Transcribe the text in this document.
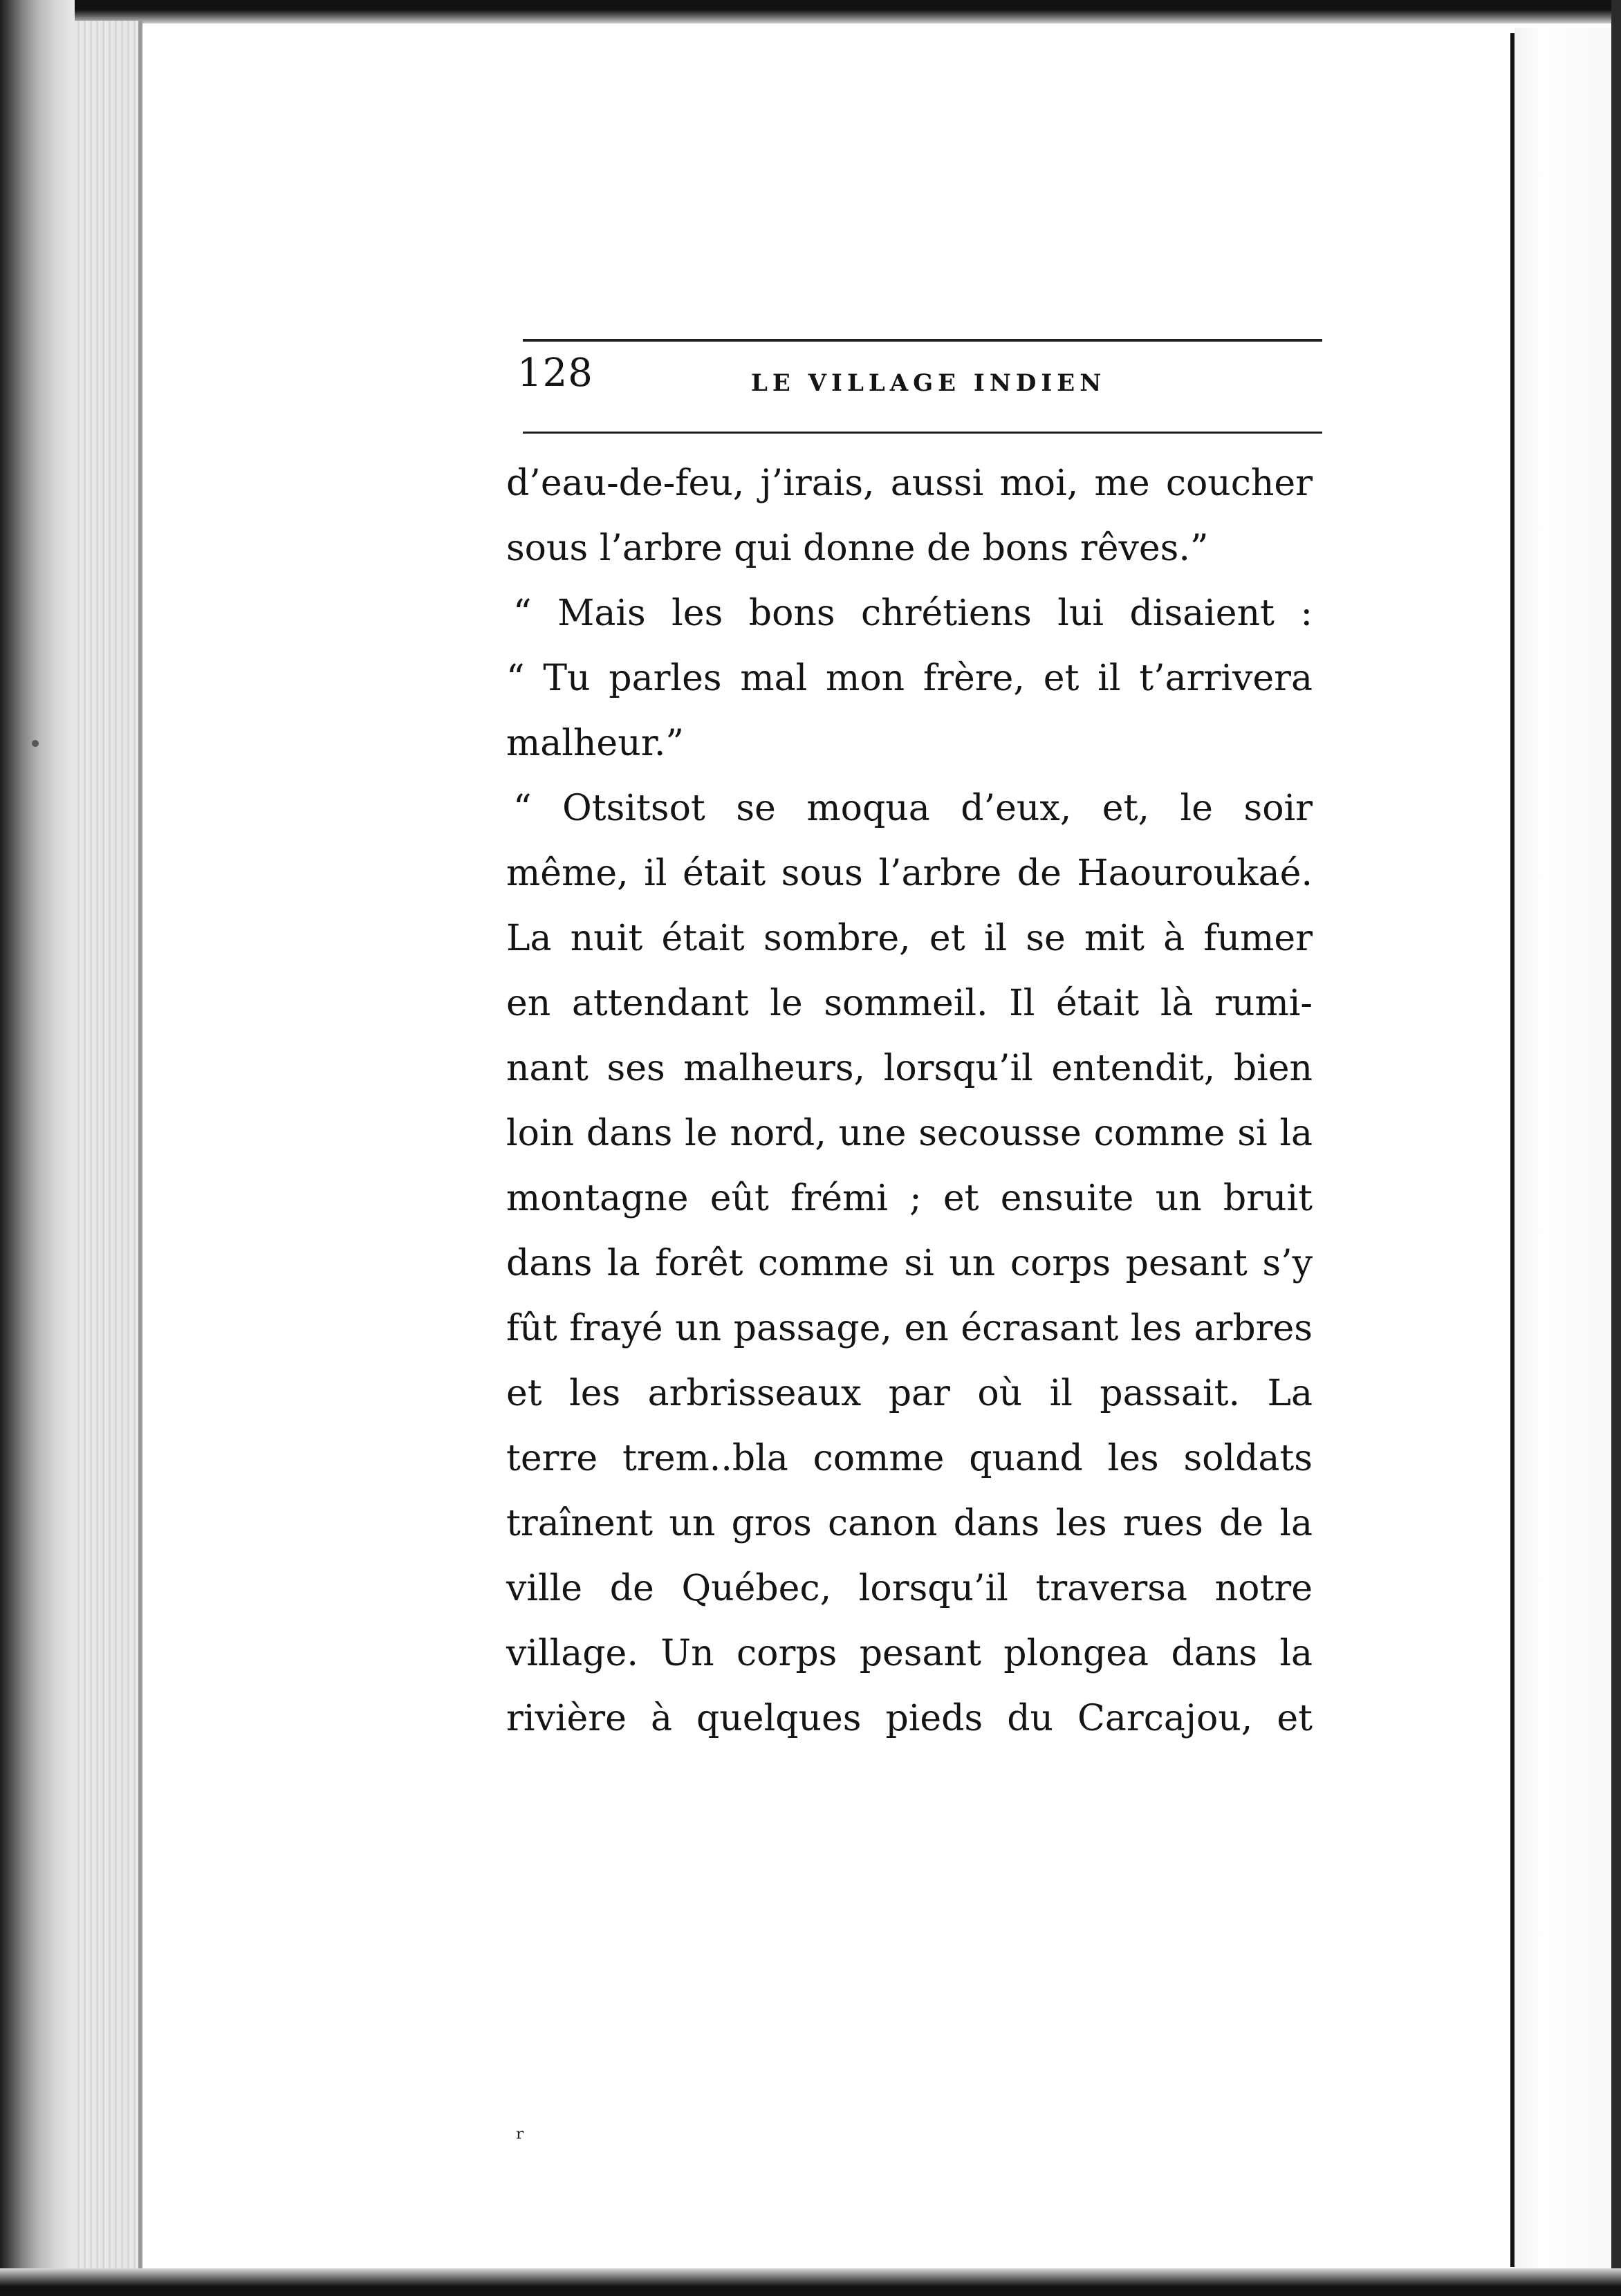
128	LE VILLAGE INDIEN
d’eau-de-feu, j’irais, aussi moi, me coucher
sous l’arbre qui donne de bons rêves.”
“ Mais les bons chrétiens lui disaient :
“ Tu parles mal mon frère, et il t’arrivera
malheur.”
“ Otsitsot se moqua d’eux, et, le soir
même, il était sous l’arbre de Haouroukaé.
La nuit était sombre, et il se mit à fumer
en attendant le sommeil. Il était là rumi-
nant ses malheurs, lorsqu’il entendit, bien
loin dans le nord, une secousse comme si la
montagne eût frémi ; et ensuite un bruit
dans la forêt comme si un corps pesant s’y
fût frayé un passage, en écrasant les arbres
et les arbrisseaux par où il passait. La
terre trem..bla comme quand les soldats
traînent un gros canon dans les rues de la
ville de Québec, lorsqu’il traversa notre
village. Un corps pesant plongea dans la
rivière à quelques pieds du Carcajou, et
ʳ
